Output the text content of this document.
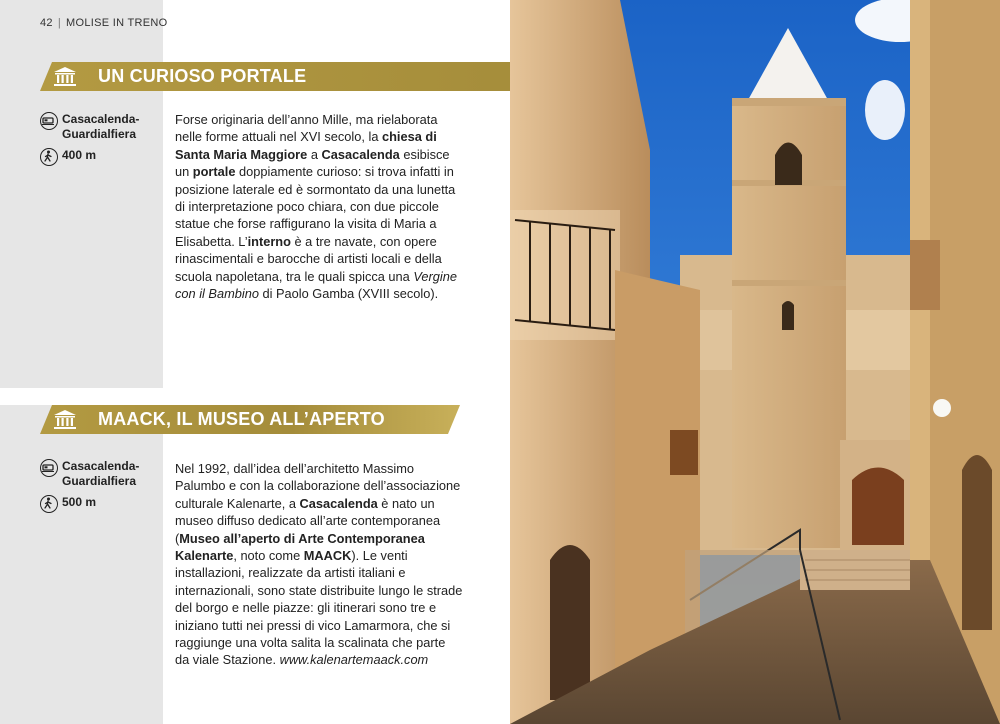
42 | MOLISE IN TRENO
UN CURIOSO PORTALE
Casacalenda-
Guardialfiera
400 m
Forse originaria dell’anno Mille, ma rielaborata nelle forme attuali nel XVI secolo, la chiesa di Santa Maria Maggiore a Casacalenda esibisce un portale doppiamente curioso: si trova infatti in posizione laterale ed è sormontato da una lunetta di interpretazione poco chiara, con due piccole statue che forse raffigurano la visita di Maria a Elisabetta. L’interno è a tre navate, con opere rinascimentali e barocche di artisti locali e della scuola napoletana, tra le quali spicca una Vergine con il Bambino di Paolo Gamba (XVIII secolo).
MAACK, IL MUSEO ALL’APERTO
Casacalenda-
Guardialfiera
500 m
Nel 1992, dall’idea dell’architetto Massimo Palumbo e con la collaborazione dell’associazione culturale Kalenarte, a Casacalenda è nato un museo diffuso dedicato all’arte contemporanea (Museo all’aperto di Arte Contemporanea Kalenarte, noto come MAACK). Le venti installazioni, realizzate da artisti italiani e internazionali, sono state distribuite lungo le strade del borgo e nelle piazze: gli itinerari sono tre e iniziano tutti nei pressi di vico Lamarmora, che si raggiunge una volta salita la scalinata che parte da viale Stazione. www.kalenartemaack.com
